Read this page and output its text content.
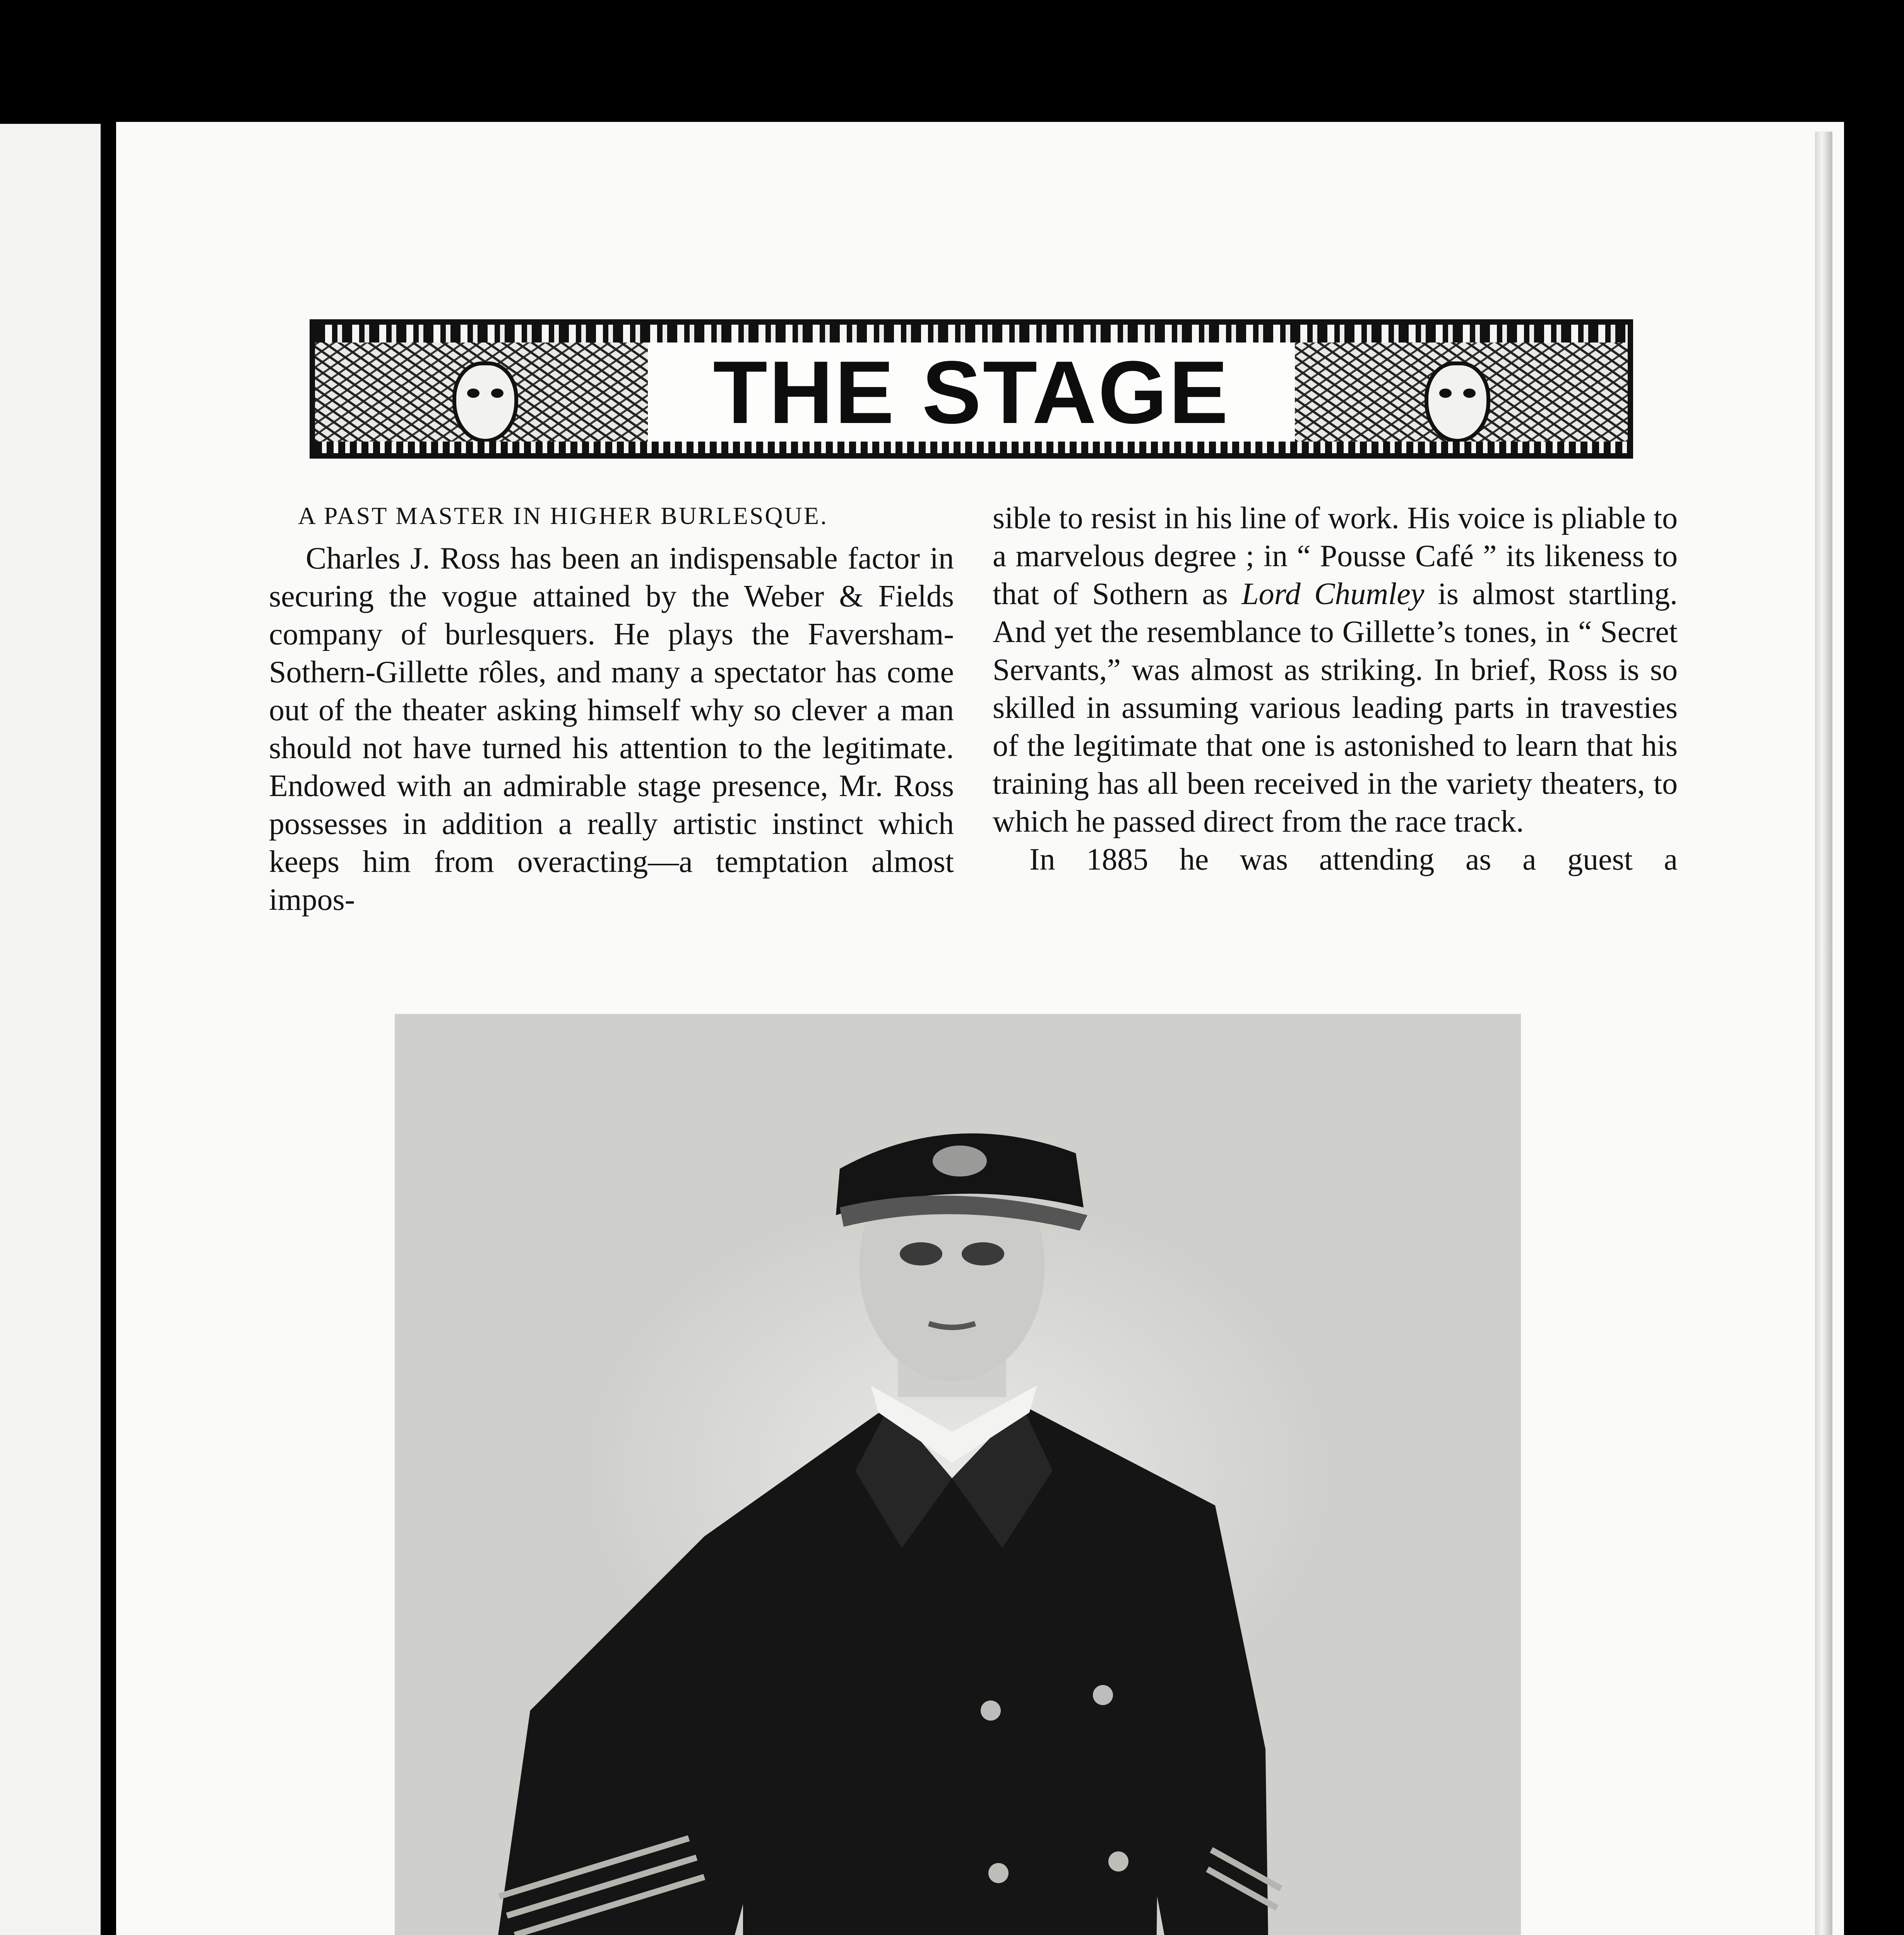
THE STAGE

A PAST MASTER IN HIGHER BURLESQUE.

Charles J. Ross has been an indispensable factor in securing the vogue attained by the Weber & Fields company of burlesquers. He plays the Faversham-Sothern-Gillette rôles, and many a spectator has come out of the theater asking himself why so clever a man should not have turned his attention to the legitimate. Endowed with an admirable stage presence, Mr. Ross possesses in addition a really artistic instinct which keeps him from overacting—a temptation almost impos-

sible to resist in his line of work. His voice is pliable to a marvelous degree ; in “ Pousse Café ” its likeness to that of Sothern as Lord Chumley is almost startling. And yet the resemblance to Gillette’s tones, in “ Secret Servants,” was almost as striking. In brief, Ross is so skilled in assuming various leading parts in travesties of the legitimate that one is astonished to learn that his training has all been received in the variety theaters, to which he passed direct from the race track.

In 1885 he was attending as a guest a
